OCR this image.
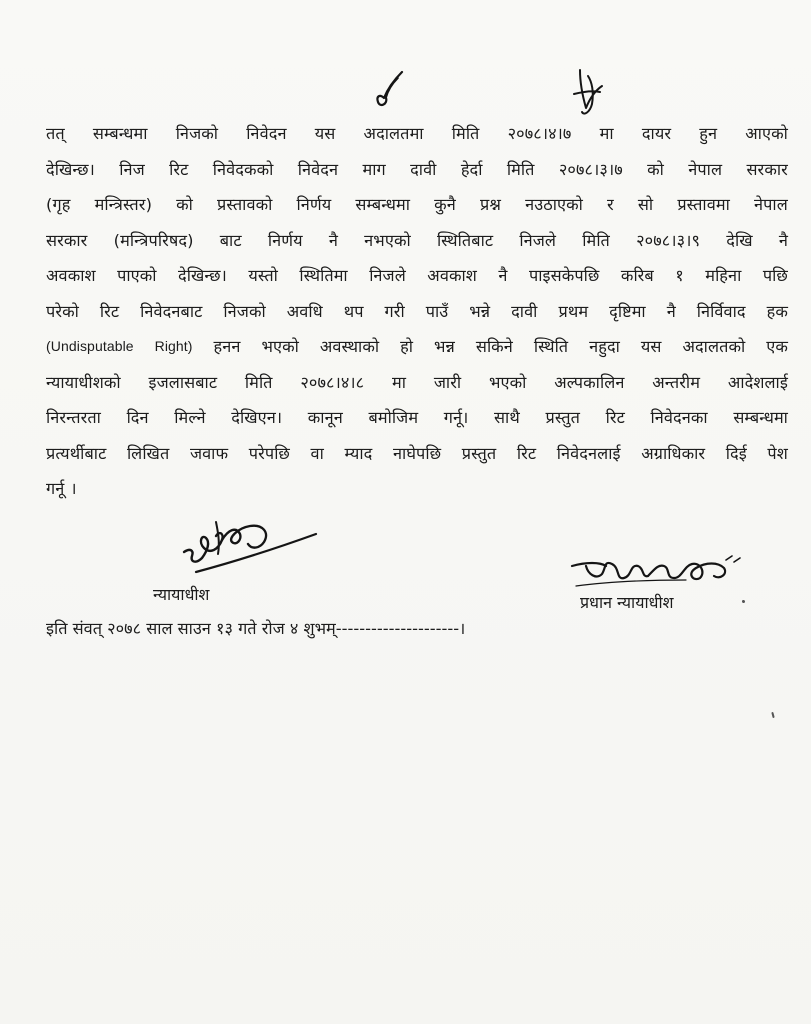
तत् सम्बन्धमा निजको निवेदन यस अदालतमा मिति २०७८।४।७ मा दायर हुन आएको
देखिन्छ। निज रिट निवेदकको निवेदन माग दावी हेर्दा मिति २०७८।३।७ को नेपाल सरकार
(गृह मन्त्रिस्तर) को प्रस्तावको निर्णय सम्बन्धमा कुनै प्रश्न नउठाएको र सो प्रस्तावमा नेपाल
सरकार (मन्त्रिपरिषद) बाट निर्णय नै नभएको स्थितिबाट निजले मिति २०७८।३।९ देखि नै
अवकाश पाएको देखिन्छ। यस्तो स्थितिमा निजले अवकाश नै पाइसकेपछि करिब १ महिना पछि
परेको रिट निवेदनबाट निजको अवधि थप गरी पाउँ भन्ने दावी प्रथम दृष्टिमा नै निर्विवाद हक
(Undisputable Right) हनन भएको अवस्थाको हो भन्न सकिने स्थिति नहुदा यस अदालतको एक
न्यायाधीशको इजलासबाट मिति २०७८।४।८ मा जारी भएको अल्पकालिन अन्तरीम आदेशलाई
निरन्तरता दिन मिल्ने देखिएन। कानून बमोजिम गर्नू। साथै प्रस्तुत रिट निवेदनका सम्बन्धमा
प्रत्यर्थीबाट लिखित जवाफ परेपछि वा म्याद नाघेपछि प्रस्तुत रिट निवेदनलाई अग्राधिकार दिई पेश
गर्नू ।
न्यायाधीश	प्रधान न्यायाधीश
इति संवत् २०७८ साल साउन १३ गते रोज ४ शुभम्---------------------।
